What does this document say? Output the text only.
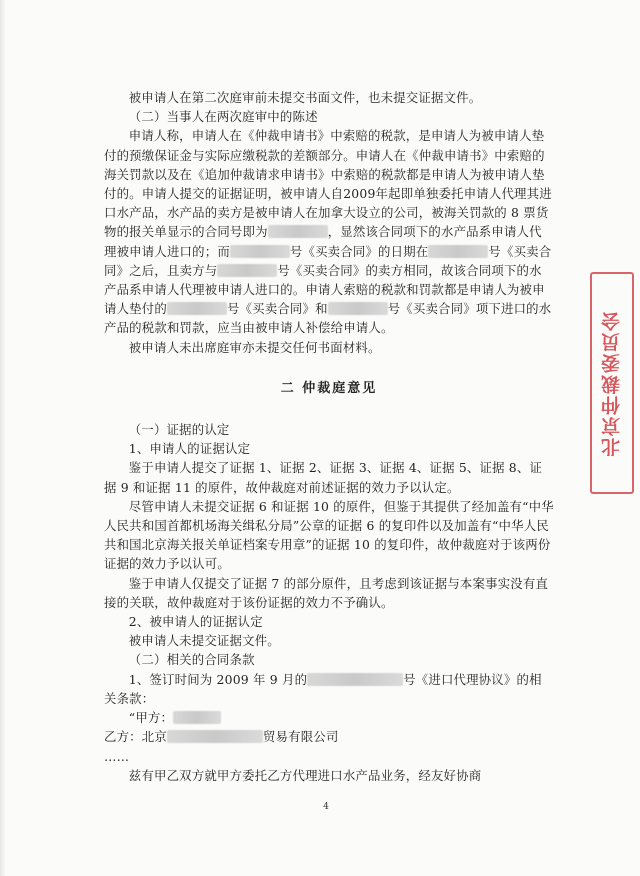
被申请人在第二次庭审前未提交书面文件，也未提交证据文件。

（二）当事人在两次庭审中的陈述

申请人称，申请人在《仲裁申请书》中索赔的税款，是申请人为被申请人垫付的预缴保证金与实际应缴税款的差额部分。申请人在《仲裁申请书》中索赔的海关罚款以及在《追加仲裁请求申请书》中索赔的税款都是申请人为被申请人垫付的。申请人提交的证据证明，被申请人自2009年起即单独委托申请人代理其进口水产品，水产品的卖方是被申请人在加拿大设立的公司，被海关罚款的 8 票货物的报关单显示的合同号即为	，显然该合同项下的水产品系申请人代理被申请人进口的；而	号《买卖合同》的日期在	号《买卖合同》之后，且卖方与	号《买卖合同》的卖方相同，故该合同项下的水产品系申请人代理被申请人进口的。申请人索赔的税款和罚款都是申请人为被申请人垫付的	号《买卖合同》和	号《买卖合同》项下进口的水产品的税款和罚款，应当由被申请人补偿给申请人。

被申请人未出席庭审亦未提交任何书面材料。

二 仲裁庭意见

（一）证据的认定

1、申请人的证据认定

鉴于申请人提交了证据 1、证据 2、证据 3、证据 4、证据 5、证据 8、证据 9 和证据 11 的原件，故仲裁庭对前述证据的效力予以认定。

尽管申请人未提交证据 6 和证据 10 的原件，但鉴于其提供了经加盖有“中华人民共和国首都机场海关缉私分局”公章的证据 6 的复印件以及加盖有“中华人民共和国北京海关报关单证档案专用章”的证据 10 的复印件，故仲裁庭对于该两份证据的效力予以认可。

鉴于申请人仅提交了证据 7 的部分原件，且考虑到该证据与本案事实没有直接的关联，故仲裁庭对于该份证据的效力不予确认。

2、被申请人的证据认定

被申请人未提交证据文件。

（二）相关的合同条款

1、签订时间为 2009 年 9 月的	号《进口代理协议》的相关条款：

“甲方：

乙方：北京	贸易有限公司

……

兹有甲乙双方就甲方委托乙方代理进口水产品业务，经友好协商

北京仲裁委员会
4
